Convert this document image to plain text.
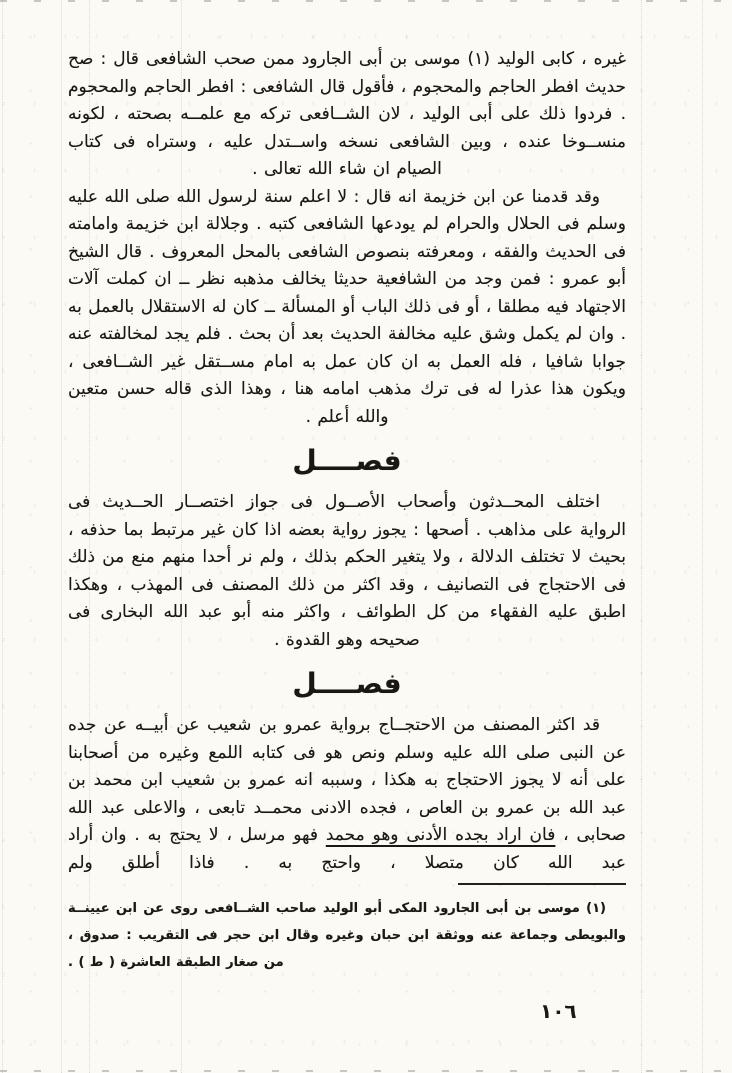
غيره ، كابى الوليد (١) موسى بن أبى الجارود ممن صحب الشافعى قال : صح حديث افطر الحاجم والمحجوم ، فأقول قال الشافعى : افطر الحاجم والمحجوم . فردوا ذلك على أبى الوليد ، لان الشــافعى تركه مع علمــه بصحته ، لكونه منســوخا عنده ، وبين الشافعى نسخه واســتدل عليه ، وستراه فى كتاب الصيام ان شاء الله تعالى .

وقد قدمنا عن ابن خزيمة انه قال : لا اعلم سنة لرسول الله صلى الله عليه وسلم فى الحلال والحرام لم يودعها الشافعى كتبه . وجلالة ابن خزيمة وامامته فى الحديث والفقه ، ومعرفته بنصوص الشافعى بالمحل المعروف . قال الشيخ أبو عمرو : فمن وجد من الشافعية حديثا يخالف مذهبه نظر ــ ان كملت آلات الاجتهاد فيه مطلقا ، أو فى ذلك الباب أو المسألة ــ كان له الاستقلال بالعمل به . وان لم يكمل وشق عليه مخالفة الحديث بعد أن بحث . فلم يجد لمخالفته عنه جوابا شافيا ، فله العمل به ان كان عمل به امام مســتقل غير الشــافعى ، ويكون هذا عذرا له فى ترك مذهب امامه هنا ، وهذا الذى قاله حسن متعين والله أعلم .

فصــــل

اختلف المحــدثون وأصحاب الأصــول فى جواز اختصــار الحــديث فى الرواية على مذاهب . أصحها : يجوز رواية بعضه اذا كان غير مرتبط بما حذفه ، بحيث لا تختلف الدلالة ، ولا يتغير الحكم بذلك ، ولم نر أحدا منهم منع من ذلك فى الاحتجاج فى التصانيف ، وقد اكثر من ذلك المصنف فى المهذب ، وهكذا اطبق عليه الفقهاء من كل الطوائف ، واكثر منه أبو عبد الله البخارى فى صحيحه وهو القدوة .

فصــــل

قد اكثر المصنف من الاحتجــاج برواية عمرو بن شعيب عن أبيــه عن جده عن النبى صلى الله عليه وسلم ونص هو فى كتابه اللمع وغيره من أصحابنا على أنه لا يجوز الاحتجاج به هكذا ، وسببه انه عمرو بن شعيب ابن محمد بن عبد الله بن عمرو بن العاص ، فجده الادنى محمــد تابعى ، والاعلى عبد الله صحابى ، فان اراد بجده الأدنى وهو محمد فهو مرسل ، لا يحتج به . وان أراد عبد الله كان متصلا ، واحتج به . فاذا أطلق ولم

(١) موسى بن أبى الجارود المكى أبو الوليد صاحب الشــافعى روى عن ابن عيينــة والبويطى وجماعة عنه ووثقة ابن حبان وغيره وقال ابن حجر فى التقريب : صدوق ، من صغار الطبقة العاشرة ( ط ) .

١٠٦
